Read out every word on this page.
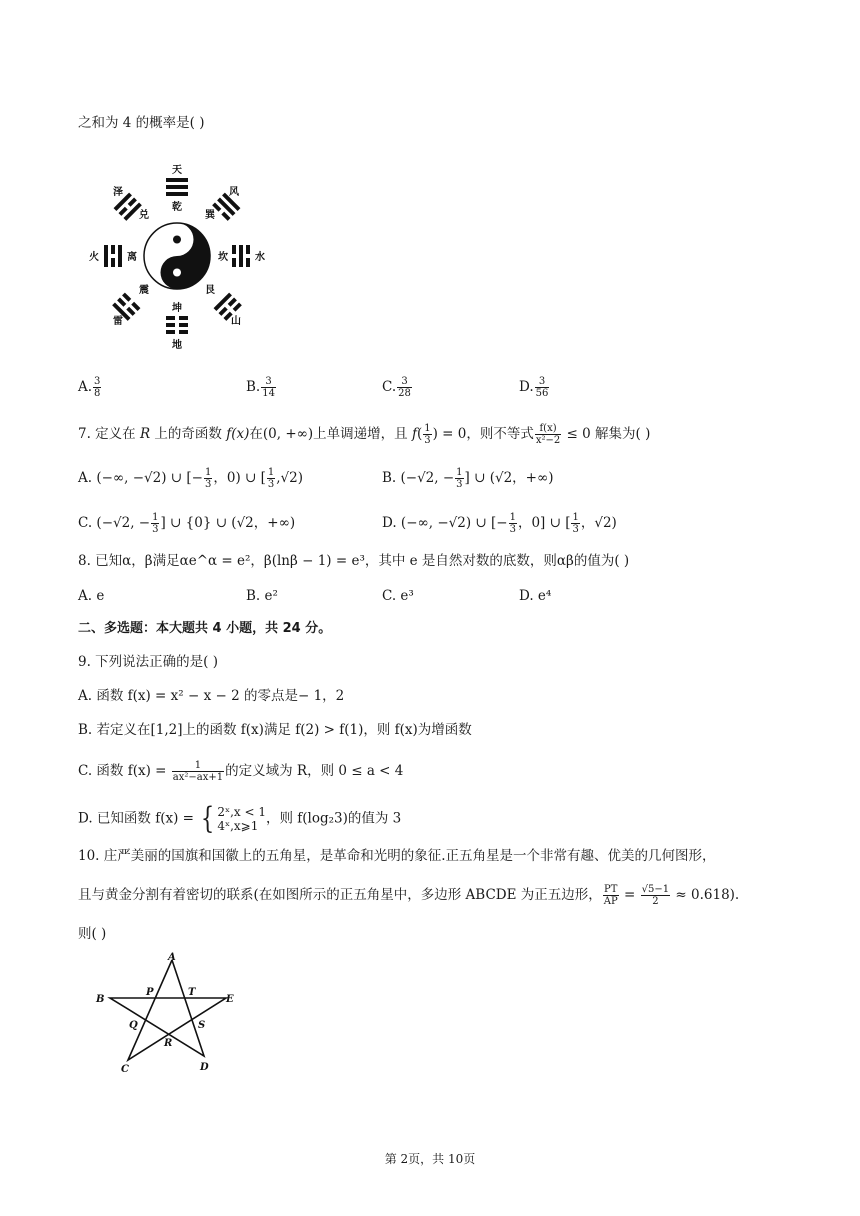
之和为 4 的概率是( )
天
乾
风
巽
泽
兑
火	离	坎	水
震
雷
艮
山
坤
地
A. $\frac{3}{8}$	B. $\frac{3}{14}$	C. $\frac{3}{28}$	D. $\frac{3}{56}$
7. 定义在 R 上的奇函数 f(x)在(0, +∞)上单调递增，且 $f( \frac{1}{3}$ ) = 0，则不等式 $\frac{f(x)}{\text{x²−2}} \le 0$ 解集为( )
A. (−∞, −√2) ∪ [− $\frac{1}{3}$ ，0) ∪ [ $\frac{1}{3} ,√2$)	B. (−√2, − $\frac{1}{3}$ ] ∪ (√2，+∞)
C. (−√2, − $\frac{1}{3}$ ] ∪ {0} ∪ (√2，+∞)	D. (−∞, −√2) ∪ [− $\frac{1}{3}$ ，0] ∪ [ $\frac{1}{3}$ ，√2)
8. 已知α，β满足αe^α = e²，β(lnβ − 1) = e³，其中 e 是自然对数的底数，则αβ的值为( )
A. e	B. e²	C. e³	D. e⁴
二、多选题：本大题共 4 小题，共 24 分。
9. 下列说法正确的是( )
A. 函数 f(x) = x² − x − 2 的零点是− 1，2
B. 若定义在[1,2]上的函数 f(x)满足 f(2) > f(1)，则 f(x)为增函数
C. 函数 $f(x) = \frac{1}{\text{ax²−ax+1}}$ 的定义域为 R，则 0 ≤ a < 4
D. 已知函数 f(x) = { 2ˣ,x < 1
4ˣ,x⩾1 ，则 f(log₂3)的值为 3
10. 庄严美丽的国旗和国徽上的五角星，是革命和光明的象征.正五角星是一个非常有趣、优美的几何图形，
且与黄金分割有着密切的联系(在如图所示的正五角星中，多边形 ABCDE 为正五边形， $\frac{PT}{AP} = \frac{√5-1}{2} \approx 0.618$).
则( )
A
B	E
P	T
Q	S
R
C	D
第 2页，共 10页
